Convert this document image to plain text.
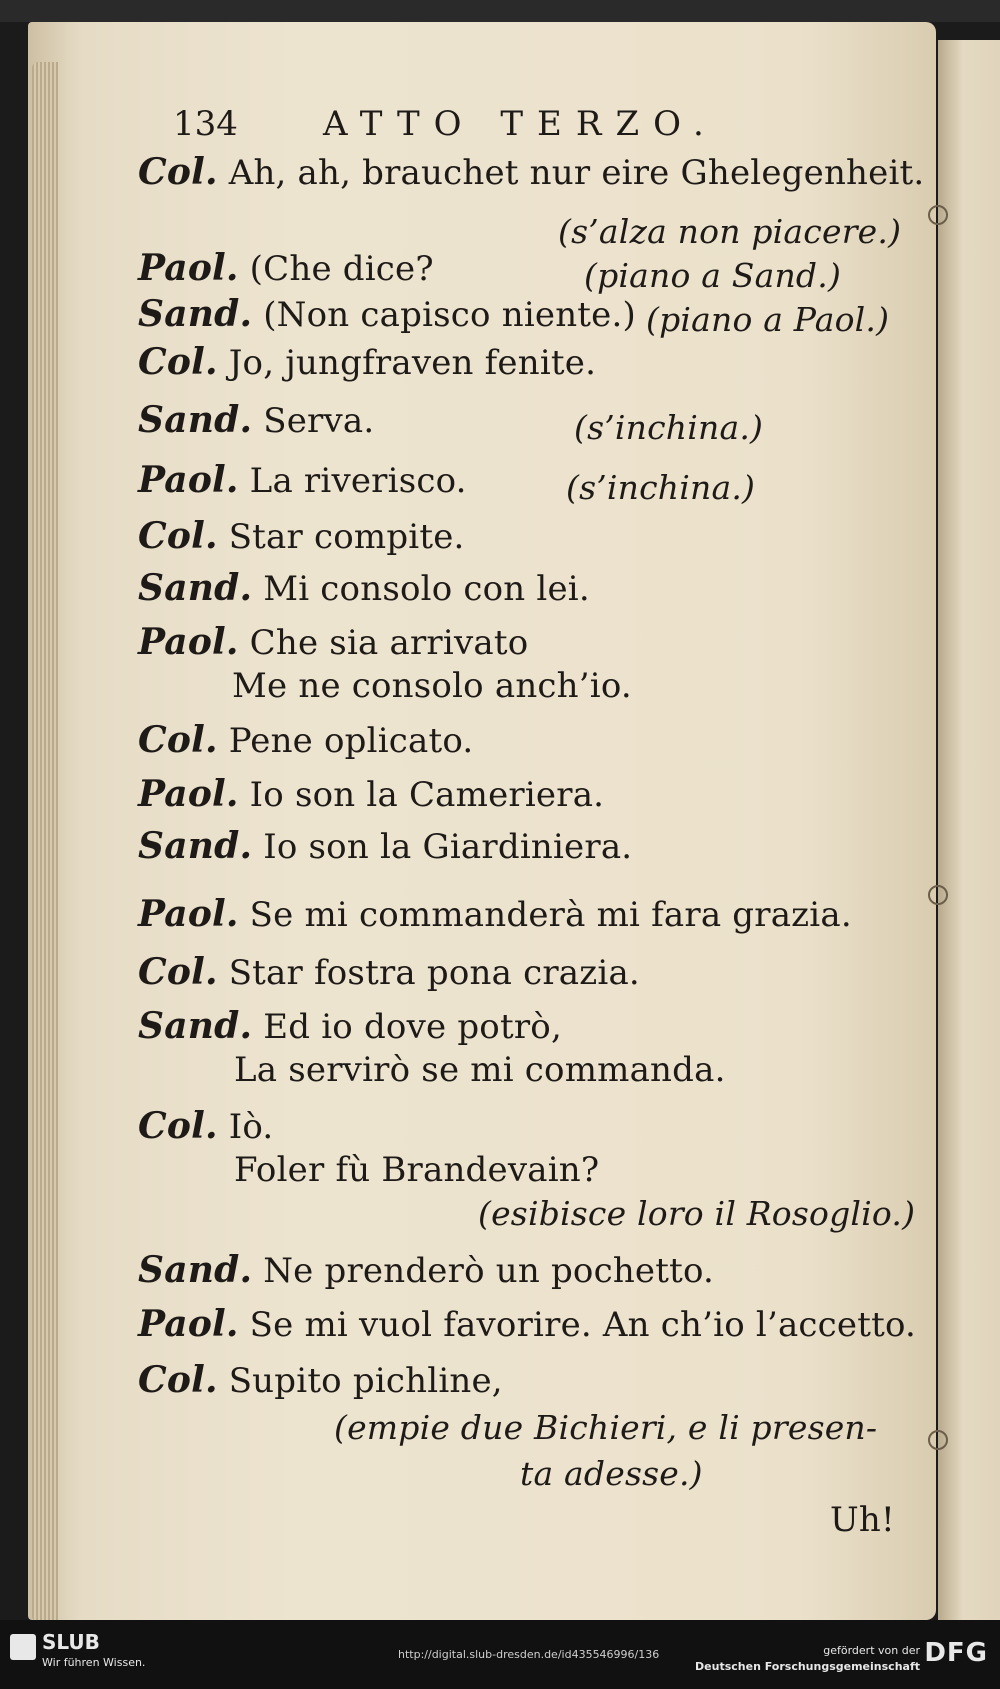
134	ATTO TERZO.
Col. Ah, ah, brauchet nur eire Ghelegenheit.
(s’alza non piacere.)
Paol. (Che dice?	(piano a Sand.)
Sand. (Non capisco niente.) (piano a Paol.)
Col. Jo, jungfraven fenite.
Sand. Serva.	(s’inchina.)
Paol. La riverisco.	(s’inchina.)
Col. Star compite.
Sand. Mi consolo con lei.
Paol. Che sia arrivato
Me ne consolo anch’io.
Col. Pene oplicato.
Paol. Io son la Cameriera.
Sand. Io son la Giardiniera.
Paol. Se mi commanderà mi fara grazia.
Col. Star fostra pona crazia.
Sand. Ed io dove potrò,
La servirò se mi commanda.
Col. Iò.
Foler fù Brandevain?
(esibisce loro il Rosoglio.)
Sand. Ne prenderò un pochetto.
Paol. Se mi vuol favorire. An ch’io l’accetto.
Col. Supito pichline,
(empie due Bichieri, e li presen-
ta adesse.)
Uh!
SLUB
Wir führen Wissen.
http://digital.slub-dresden.de/id435546996/136	gefördert von der
Deutschen Forschungsgemeinschaft DFG
